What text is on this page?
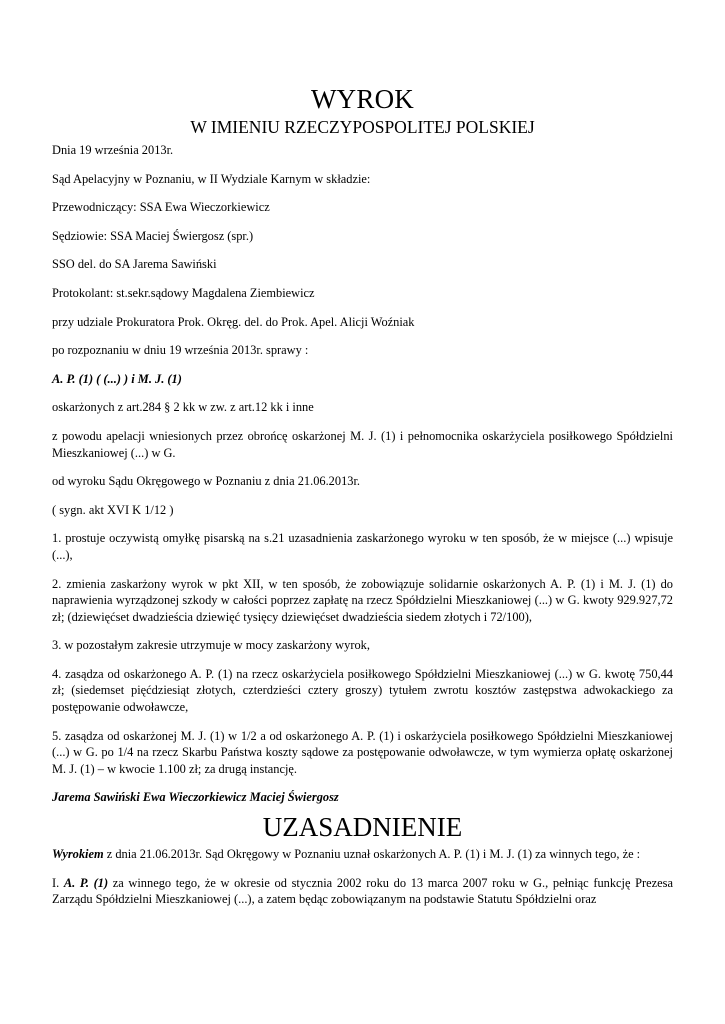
WYROK
W IMIENIU RZECZYPOSPOLITEJ POLSKIEJ

Dnia 19 września 2013r.

Sąd Apelacyjny w Poznaniu, w II Wydziale Karnym w składzie:

Przewodniczący: SSA Ewa Wieczorkiewicz

Sędziowie: SSA Maciej Świergosz (spr.)

SSO del. do SA Jarema Sawiński

Protokolant: st.sekr.sądowy Magdalena Ziembiewicz

przy udziale Prokuratora Prok. Okręg. del. do Prok. Apel. Alicji Woźniak

po rozpoznaniu w dniu 19 września 2013r. sprawy :

A. P. (1) ( (...) ) i M. J. (1)

oskarżonych z art.284 § 2 kk w zw. z art.12 kk i inne

z powodu apelacji wniesionych przez obrońcę oskarżonej M. J. (1) i pełnomocnika oskarżyciela posiłkowego Spółdzielni Mieszkaniowej (...) w G.

od wyroku Sądu Okręgowego w Poznaniu z dnia 21.06.2013r.

( sygn. akt XVI K 1/12 )

1. prostuje oczywistą omyłkę pisarską na s.21 uzasadnienia zaskarżonego wyroku w ten sposób, że w miejsce (...) wpisuje (...),

2. zmienia zaskarżony wyrok w pkt XII, w ten sposób, że zobowiązuje solidarnie oskarżonych A. P. (1) i M. J. (1) do naprawienia wyrządzonej szkody w całości poprzez zapłatę na rzecz Spółdzielni Mieszkaniowej (...) w G. kwoty 929.927,72 zł; (dziewięćset dwadzieścia dziewięć tysięcy dziewięćset dwadzieścia siedem złotych i 72/100),

3. w pozostałym zakresie utrzymuje w mocy zaskarżony wyrok,

4. zasądza od oskarżonego A. P. (1) na rzecz oskarżyciela posiłkowego Spółdzielni Mieszkaniowej (...) w G. kwotę 750,44 zł; (siedemset pięćdziesiąt złotych, czterdzieści cztery groszy) tytułem zwrotu kosztów zastępstwa adwokackiego za postępowanie odwoławcze,

5. zasądza od oskarżonej M. J. (1) w 1/2 a od oskarżonego A. P. (1) i oskarżyciela posiłkowego Spółdzielni Mieszkaniowej (...) w G. po 1/4 na rzecz Skarbu Państwa koszty sądowe za postępowanie odwoławcze, w tym wymierza opłatę oskarżonej M. J. (1) – w kwocie 1.100 zł; za drugą instancję.

Jarema Sawiński Ewa Wieczorkiewicz Maciej Świergosz

UZASADNIENIE

Wyrokiem z dnia 21.06.2013r. Sąd Okręgowy w Poznaniu uznał oskarżonych A. P. (1) i M. J. (1) za winnych tego, że :

I. A. P. (1) za winnego tego, że w okresie od stycznia 2002 roku do 13 marca 2007 roku w G., pełniąc funkcję Prezesa Zarządu Spółdzielni Mieszkaniowej (...), a zatem będąc zobowiązanym na podstawie Statutu Spółdzielni oraz
